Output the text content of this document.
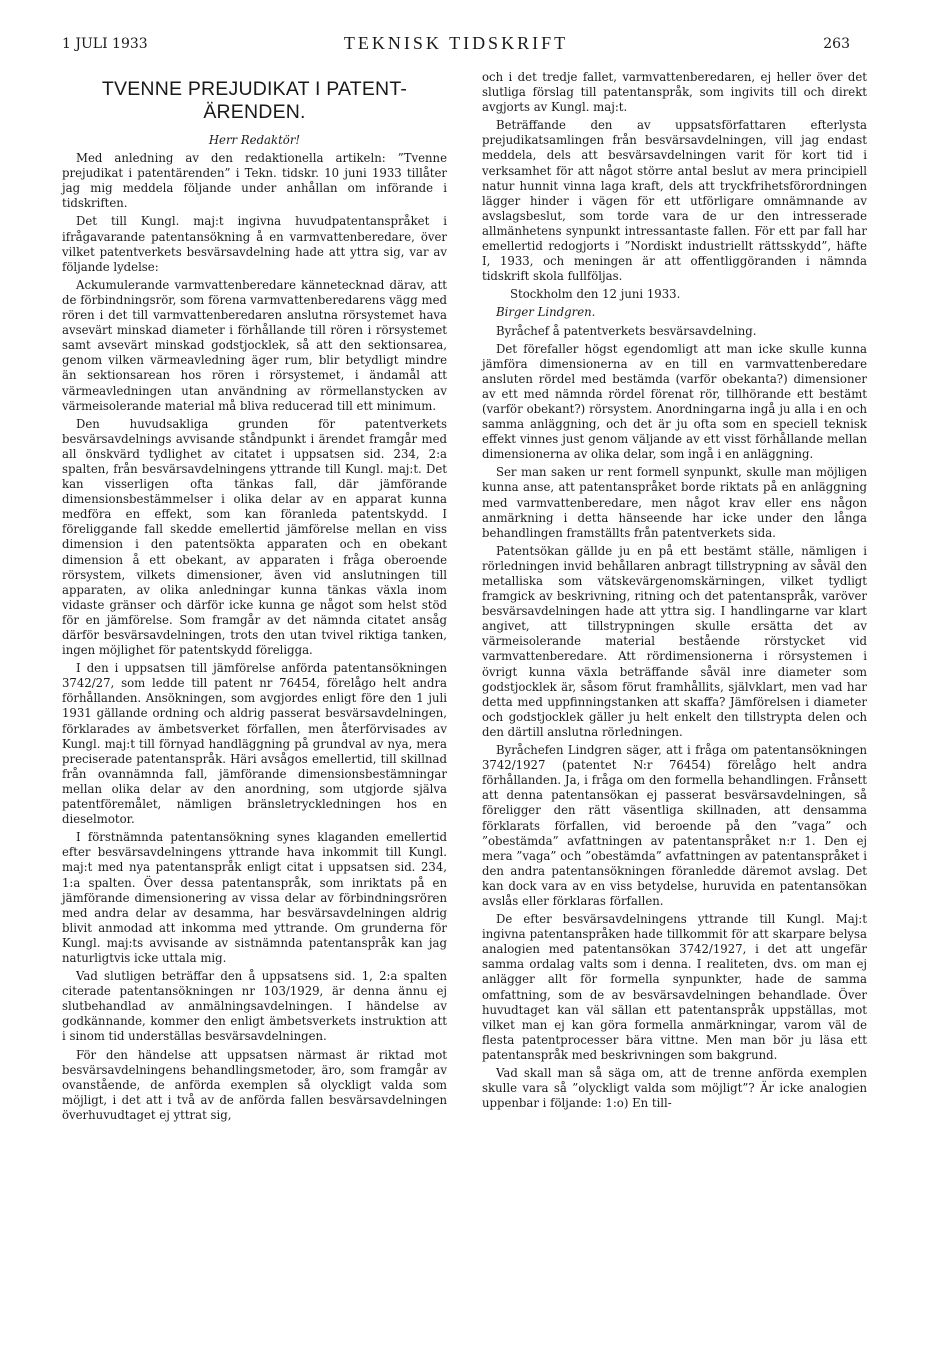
1 JULI 1933	TEKNISK TIDSKRIFT	263
TVENNE PREJUDIKAT I PATENT-
ÄRENDEN.
Herr Redaktör!

Med anledning av den redaktionella artikeln: ”Tvenne prejudikat i patentärenden” i Tekn. tidskr. 10 juni 1933 tillåter jag mig meddela följande under anhållan om införande i tidskriften.

Det till Kungl. maj:t ingivna huvudpatentanspråket i ifrågavarande patentansökning å en varmvattenberedare, över vilket patentverkets besvärsavdelning hade att yttra sig, var av följande lydelse:

Ackumulerande varmvattenberedare kännetecknad därav, att de förbindningsrör, som förena varmvattenberedarens vägg med rören i det till varmvattenberedaren anslutna rörsystemet hava avsevärt minskad diameter i förhållande till rören i rörsystemet samt avsevärt minskad godstjocklek, så att den sektionsarea, genom vilken värmeavledning äger rum, blir betydligt mindre än sektionsarean hos rören i rörsystemet, i ändamål att värmeavledningen utan användning av rörmellanstycken av värmeisolerande material må bliva reducerad till ett minimum.

Den huvudsakliga grunden för patentverkets besvärsavdelnings avvisande ståndpunkt i ärendet framgår med all önskvärd tydlighet av citatet i uppsatsen sid. 234, 2:a spalten, från besvärsavdelningens yttrande till Kungl. maj:t. Det kan visserligen ofta tänkas fall, där jämförande dimensionsbestämmelser i olika delar av en apparat kunna medföra en effekt, som kan föranleda patentskydd. I föreliggande fall skedde emellertid jämförelse mellan en viss dimension i den patentsökta apparaten och en obekant dimension å ett obekant, av apparaten i fråga oberoende rörsystem, vilkets dimensioner, även vid anslutningen till apparaten, av olika anledningar kunna tänkas växla inom vidaste gränser och därför icke kunna ge något som helst stöd för en jämförelse. Som framgår av det nämnda citatet ansåg därför besvärsavdelningen, trots den utan tvivel riktiga tanken, ingen möjlighet för patentskydd föreligga.

I den i uppsatsen till jämförelse anförda patentansökningen 3742/27, som ledde till patent nr 76454, förelågo helt andra förhållanden. Ansökningen, som avgjordes enligt före den 1 juli 1931 gällande ordning och aldrig passerat besvärsavdelningen, förklarades av ämbetsverket förfallen, men återförvisades av Kungl. maj:t till förnyad handläggning på grundval av nya, mera preciserade patentanspråk. Häri avsågos emellertid, till skillnad från ovannämnda fall, jämförande dimensionsbestämningar mellan olika delar av den anordning, som utgjorde själva patentföremålet, nämligen bränsletryckledningen hos en dieselmotor.

I förstnämnda patentansökning synes klaganden emellertid efter besvärsavdelningens yttrande hava inkommit till Kungl. maj:t med nya patentanspråk enligt citat i uppsatsen sid. 234, 1:a spalten. Över dessa patentanspråk, som inriktats på en jämförande dimensionering av vissa delar av förbindningsrören med andra delar av desamma, har besvärsavdelningen aldrig blivit anmodad att inkomma med yttrande. Om grunderna för Kungl. maj:ts avvisande av sistnämnda patentanspråk kan jag naturligtvis icke uttala mig.

Vad slutligen beträffar den å uppsatsens sid. 1, 2:a spalten citerade patentansökningen nr 103/1929, är denna ännu ej slutbehandlad av anmälningsavdelningen. I händelse av godkännande, kommer den enligt ämbetsverkets instruktion att i sinom tid underställas besvärsavdelningen.

För den händelse att uppsatsen närmast är riktad mot besvärsavdelningens behandlingsmetoder, äro, som framgår av ovanstående, de anförda exemplen så olyckligt valda som möjligt, i det att i två av de anförda fallen besvärsavdelningen överhuvudtaget ej yttrat sig,

och i det tredje fallet, varmvattenberedaren, ej heller över det slutliga förslag till patentanspråk, som ingivits till och direkt avgjorts av Kungl. maj:t.

Beträffande den av uppsatsförfattaren efterlysta prejudikatsamlingen från besvärsavdelningen, vill jag endast meddela, dels att besvärsavdelningen varit för kort tid i verksamhet för att något större antal beslut av mera principiell natur hunnit vinna laga kraft, dels att tryckfrihetsförordningen lägger hinder i vägen för ett utförligare omnämnande av avslagsbeslut, som torde vara de ur den intresserade allmänhetens synpunkt intressantaste fallen. För ett par fall har emellertid redogjorts i ”Nordiskt industriellt rättsskydd”, häfte I, 1933, och meningen är att offentliggöranden i nämnda tidskrift skola fullföljas.

Stockholm den 12 juni 1933.

Birger Lindgren.

Byråchef å patentverkets besvärsavdelning.

Det förefaller högst egendomligt att man icke skulle kunna jämföra dimensionerna av en till en varmvattenberedare ansluten rördel med bestämda (varför obekanta?) dimensioner av ett med nämnda rördel förenat rör, tillhörande ett bestämt (varför obekant?) rörsystem. Anordningarna ingå ju alla i en och samma anläggning, och det är ju ofta som en speciell teknisk effekt vinnes just genom väljande av ett visst förhållande mellan dimensionerna av olika delar, som ingå i en anläggning.

Ser man saken ur rent formell synpunkt, skulle man möjligen kunna anse, att patentanspråket borde riktats på en anläggning med varmvattenberedare, men något krav eller ens någon anmärkning i detta hänseende har icke under den långa behandlingen framställts från patentverkets sida.

Patentsökan gällde ju en på ett bestämt ställe, nämligen i rörledningen invid behållaren anbragt tillstrypning av såväl den metalliska som vätskevärgenomskärningen, vilket tydligt framgick av beskrivning, ritning och det patentanspråk, varöver besvärsavdelningen hade att yttra sig. I handlingarne var klart angivet, att tillstrypningen skulle ersätta det av värmeisolerande material bestående rörstycket vid varmvattenberedare. Att rördimensionerna i rörsystemen i övrigt kunna växla beträffande såväl inre diameter som godstjocklek är, såsom förut framhållits, självklart, men vad har detta med uppfinningstanken att skaffa? Jämförelsen i diameter och godstjocklek gäller ju helt enkelt den tillstrypta delen och den därtill anslutna rörledningen.

Byråchefen Lindgren säger, att i fråga om patentansökningen 3742/1927 (patentet N:r 76454) förelågo helt andra förhållanden. Ja, i fråga om den formella behandlingen. Frånsett att denna patentansökan ej passerat besvärsavdelningen, så föreligger den rätt väsentliga skillnaden, att densamma förklarats förfallen, vid beroende på den ”vaga” och ”obestämda” avfattningen av patentanspråket n:r 1. Den ej mera ”vaga” och ”obestämda” avfattningen av patentanspråket i den andra patentansökningen föranledde däremot avslag. Det kan dock vara av en viss betydelse, huruvida en patentansökan avslås eller förklaras förfallen.

De efter besvärsavdelningens yttrande till Kungl. Maj:t ingivna patentanspråken hade tillkommit för att skarpare belysa analogien med patentansökan 3742/1927, i det att ungefär samma ordalag valts som i denna. I realiteten, dvs. om man ej anlägger allt för formella synpunkter, hade de samma omfattning, som de av besvärsavdelningen behandlade. Över huvudtaget kan väl sällan ett patentanspråk uppställas, mot vilket man ej kan göra formella anmärkningar, varom väl de flesta patentprocesser bära vittne. Men man bör ju läsa ett patentanspråk med beskrivningen som bakgrund.

Vad skall man så säga om, att de trenne anförda exemplen skulle vara så ”olyckligt valda som möjligt”? Är icke analogien uppenbar i följande: 1:o) En till-
